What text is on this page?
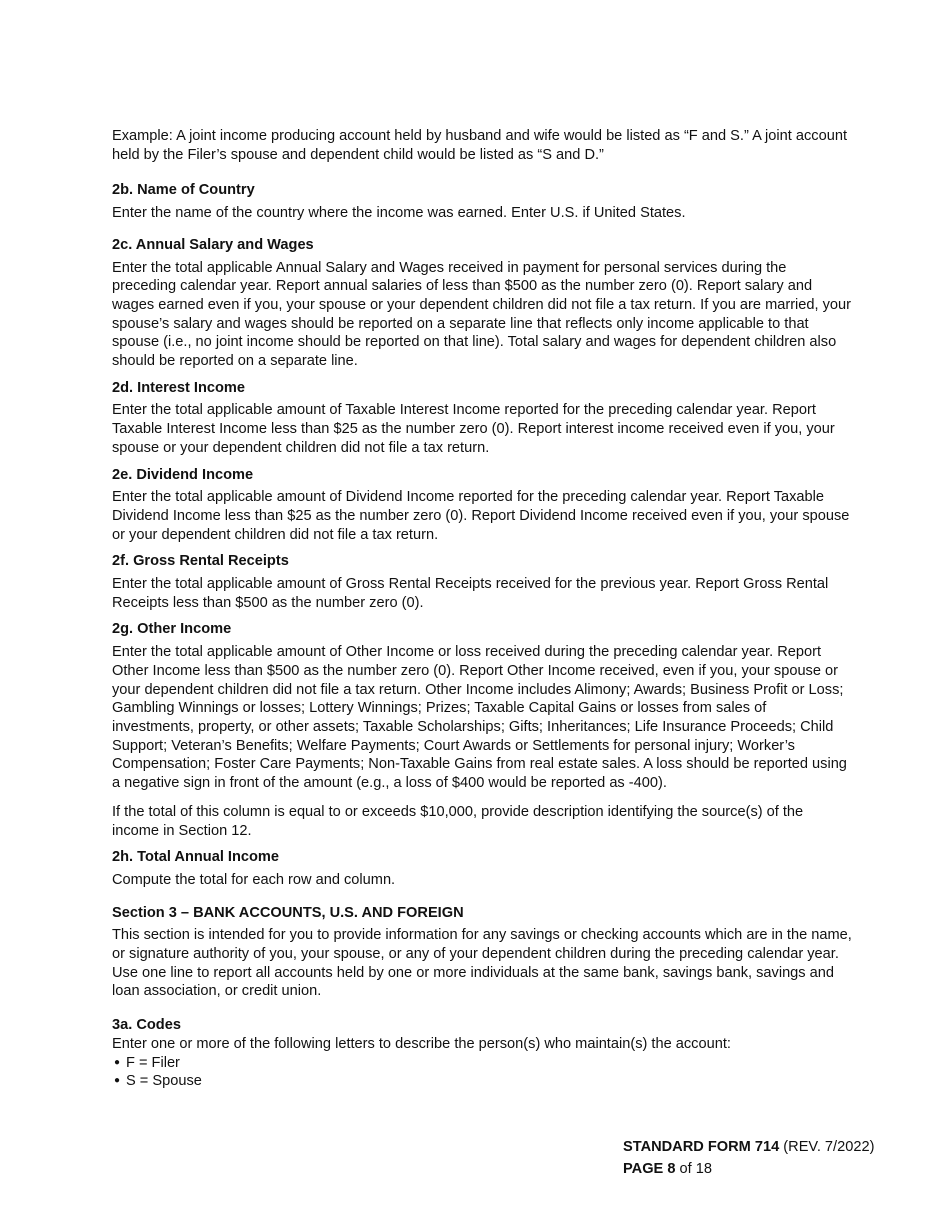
Example: A joint income producing account held by husband and wife would be listed as “F and S.” A joint account held by the Filer’s spouse and dependent child would be listed as “S and D.”

2b. Name of Country

Enter the name of the country where the income was earned. Enter U.S. if United States.

2c. Annual Salary and Wages

Enter the total applicable Annual Salary and Wages received in payment for personal services during the preceding calendar year. Report annual salaries of less than $500 as the number zero (0). Report salary and wages earned even if you, your spouse or your dependent children did not file a tax return. If you are married, your spouse’s salary and wages should be reported on a separate line that reflects only income applicable to that spouse (i.e., no joint income should be reported on that line). Total salary and wages for dependent children also should be reported on a separate line.

2d. Interest Income

Enter the total applicable amount of Taxable Interest Income reported for the preceding calendar year. Report Taxable Interest Income less than $25 as the number zero (0). Report interest income received even if you, your spouse or your dependent children did not file a tax return.

2e. Dividend Income

Enter the total applicable amount of Dividend Income reported for the preceding calendar year. Report Taxable Dividend Income less than $25 as the number zero (0). Report Dividend Income received even if you, your spouse or your dependent children did not file a tax return.

2f. Gross Rental Receipts

Enter the total applicable amount of Gross Rental Receipts received for the previous year. Report Gross Rental Receipts less than $500 as the number zero (0).

2g. Other Income

Enter the total applicable amount of Other Income or loss received during the preceding calendar year. Report Other Income less than $500 as the number zero (0). Report Other Income received, even if you, your spouse or your dependent children did not file a tax return. Other Income includes Alimony; Awards; Business Profit or Loss; Gambling Winnings or losses; Lottery Winnings; Prizes; Taxable Capital Gains or losses from sales of investments, property, or other assets; Taxable Scholarships; Gifts; Inheritances; Life Insurance Proceeds; Child Support; Veteran’s Benefits; Welfare Payments; Court Awards or Settlements for personal injury; Worker’s Compensation; Foster Care Payments; Non-Taxable Gains from real estate sales. A loss should be reported using a negative sign in front of the amount (e.g., a loss of $400 would be reported as -400).

If the total of this column is equal to or exceeds $10,000, provide description identifying the source(s) of the income in Section 12.

2h. Total Annual Income

Compute the total for each row and column.

Section 3 – BANK ACCOUNTS, U.S. AND FOREIGN

This section is intended for you to provide information for any savings or checking accounts which are in the name, or signature authority of you, your spouse, or any of your dependent children during the preceding calendar year. Use one line to report all accounts held by one or more individuals at the same bank, savings bank, savings and loan association, or credit union.

3a. Codes

Enter one or more of the following letters to describe the person(s) who maintain(s) the account:

● F = Filer
● S = Spouse
STANDARD FORM 714 (REV. 7/2022)
PAGE 8 of 18
